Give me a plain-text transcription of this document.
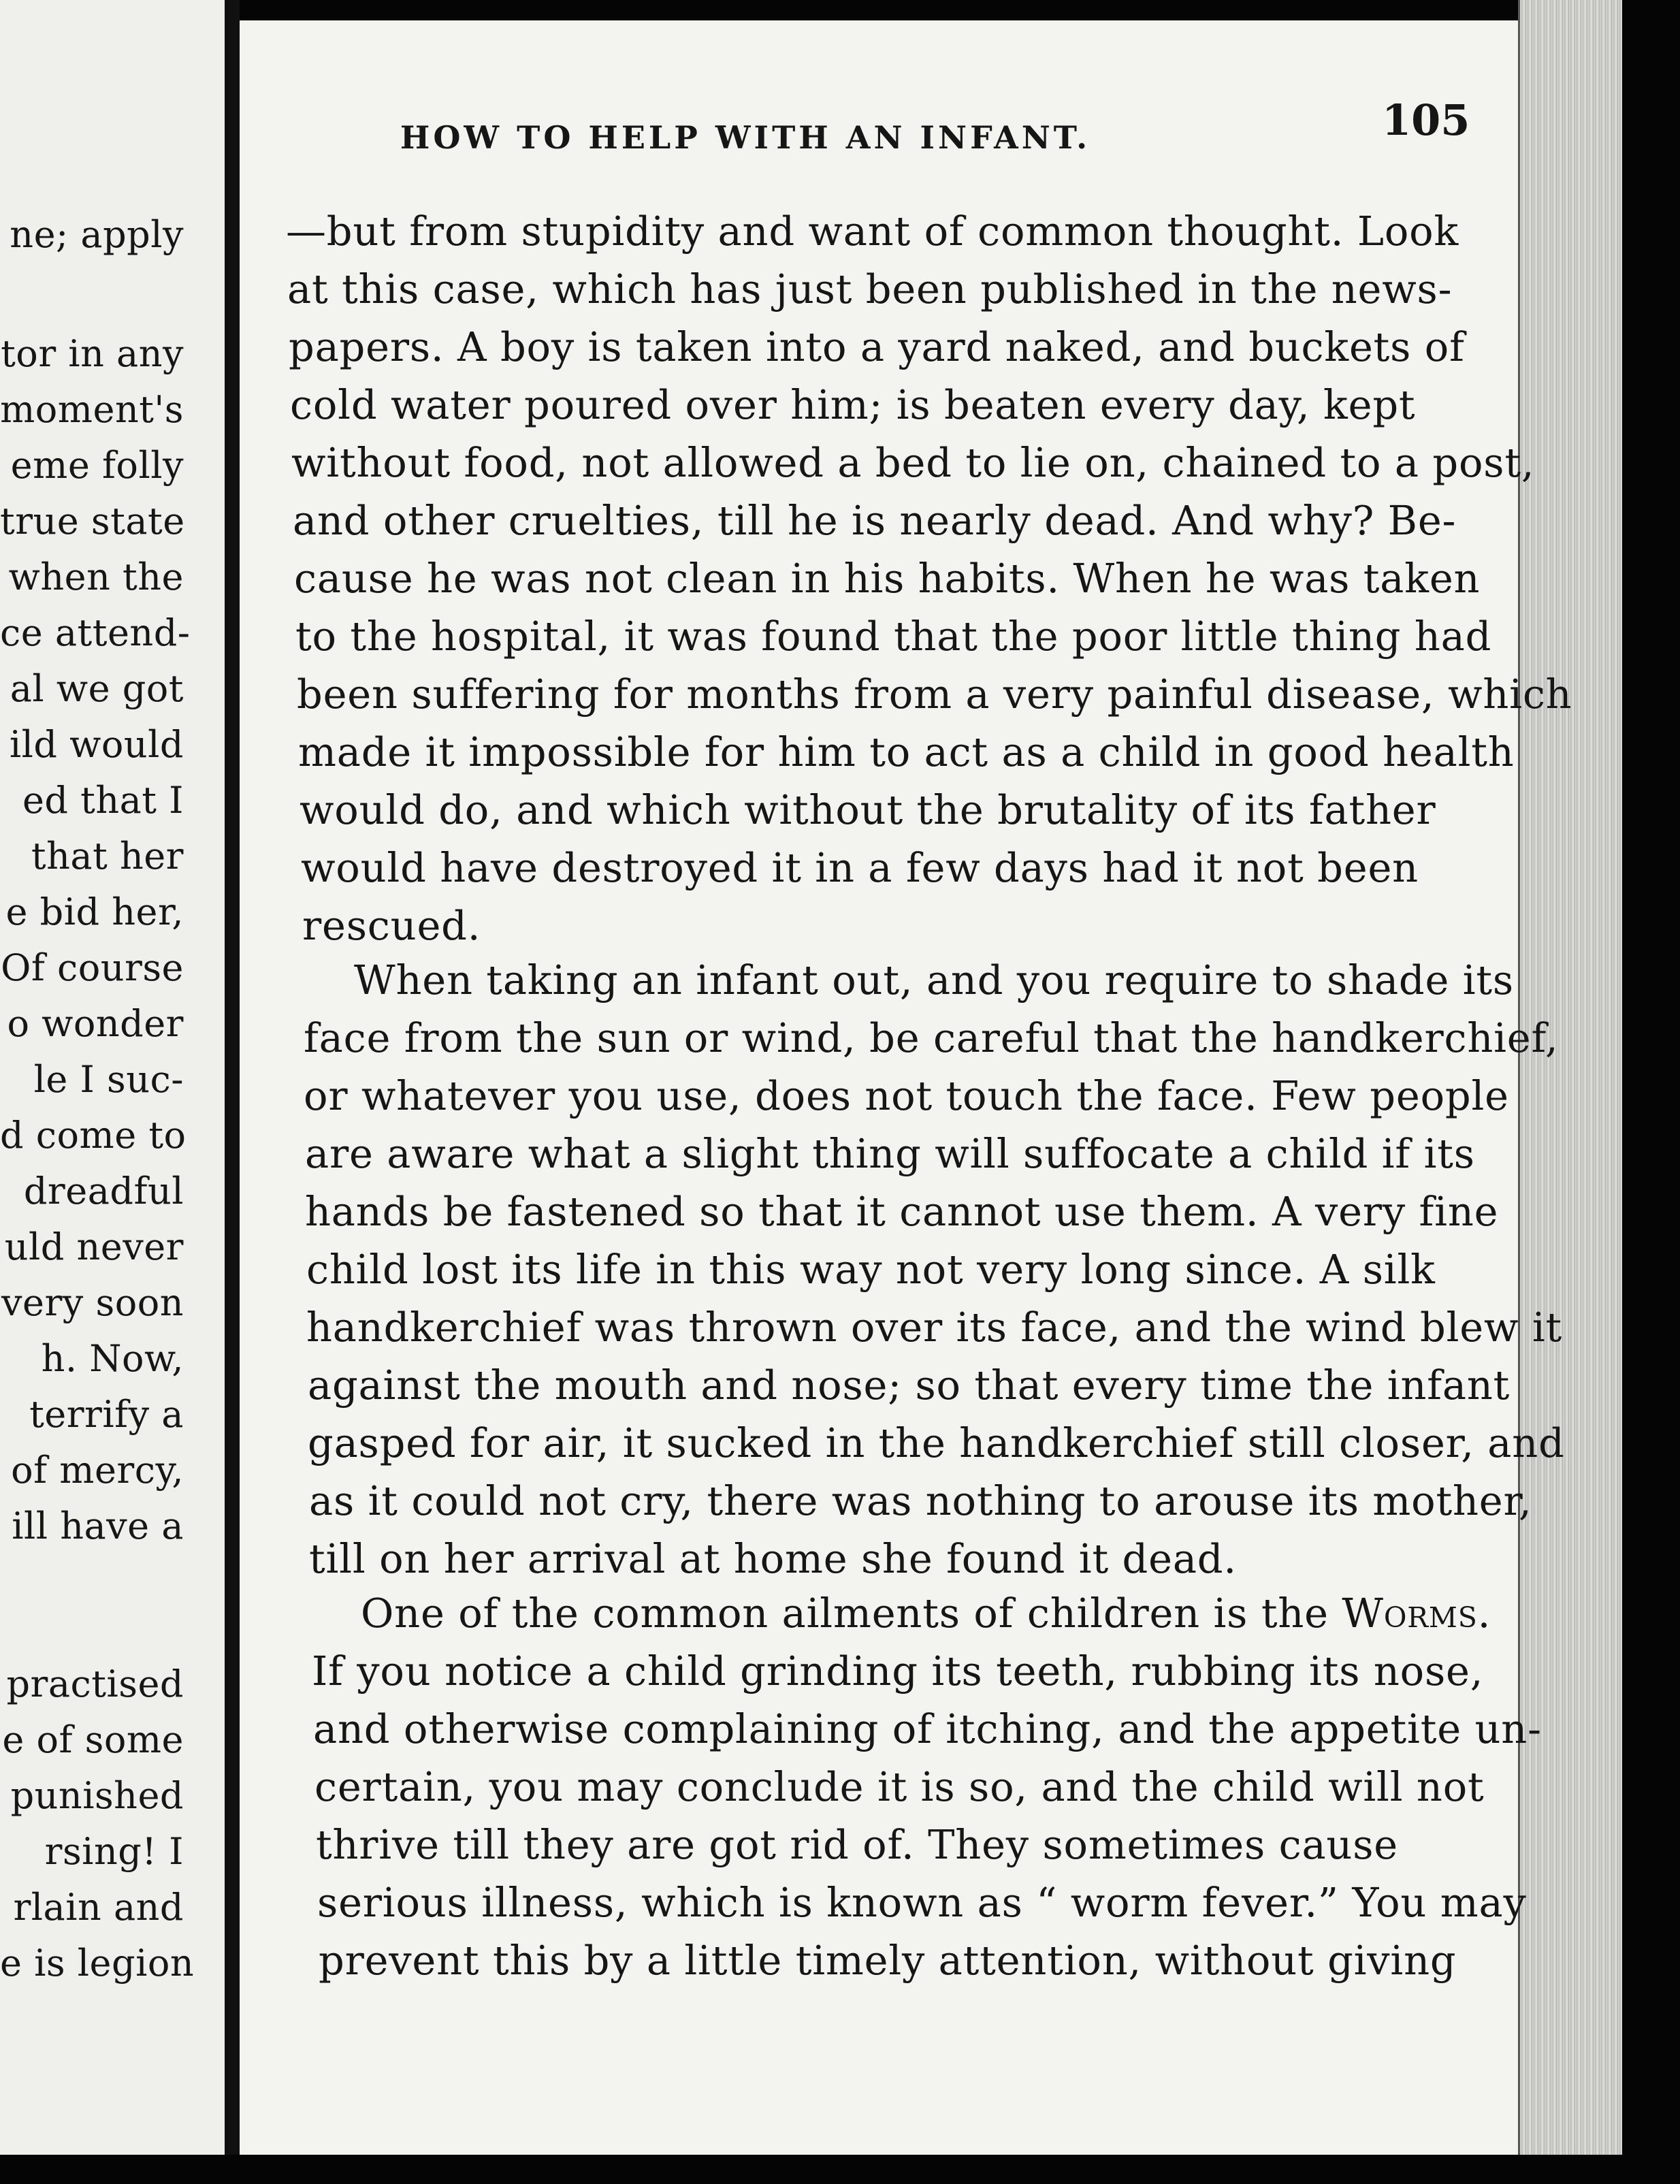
ne; apply
tor in any
moment's
eme folly
true state
when the
ce attend-
al we got
ild would
ed that I
that her
e bid her,
Of course
o wonder
le I suc-
d come to
dreadful
uld never
very soon
h. Now,
terrify a
of mercy,
ill have a
practised
e of some
punished
rsing! I
rlain and
e is legion
HOW TO HELP WITH AN INFANT.	105
—but from stupidity and want of common thought. Look
at this case, which has just been published in the news-
papers. A boy is taken into a yard naked, and buckets of
cold water poured over him; is beaten every day, kept
without food, not allowed a bed to lie on, chained to a post,
and other cruelties, till he is nearly dead. And why? Be-
cause he was not clean in his habits. When he was taken
to the hospital, it was found that the poor little thing had
been suffering for months from a very painful disease, which
made it impossible for him to act as a child in good health
would do, and which without the brutality of its father
would have destroyed it in a few days had it not been
rescued.
When taking an infant out, and you require to shade its
face from the sun or wind, be careful that the handkerchief,
or whatever you use, does not touch the face. Few people
are aware what a slight thing will suffocate a child if its
hands be fastened so that it cannot use them. A very fine
child lost its life in this way not very long since. A silk
handkerchief was thrown over its face, and the wind blew it
against the mouth and nose; so that every time the infant
gasped for air, it sucked in the handkerchief still closer, and
as it could not cry, there was nothing to arouse its mother,
till on her arrival at home she found it dead.
One of the common ailments of children is the Worms.
If you notice a child grinding its teeth, rubbing its nose,
and otherwise complaining of itching, and the appetite un-
certain, you may conclude it is so, and the child will not
thrive till they are got rid of. They sometimes cause
serious illness, which is known as “ worm fever.” You may
prevent this by a little timely attention, without giving
